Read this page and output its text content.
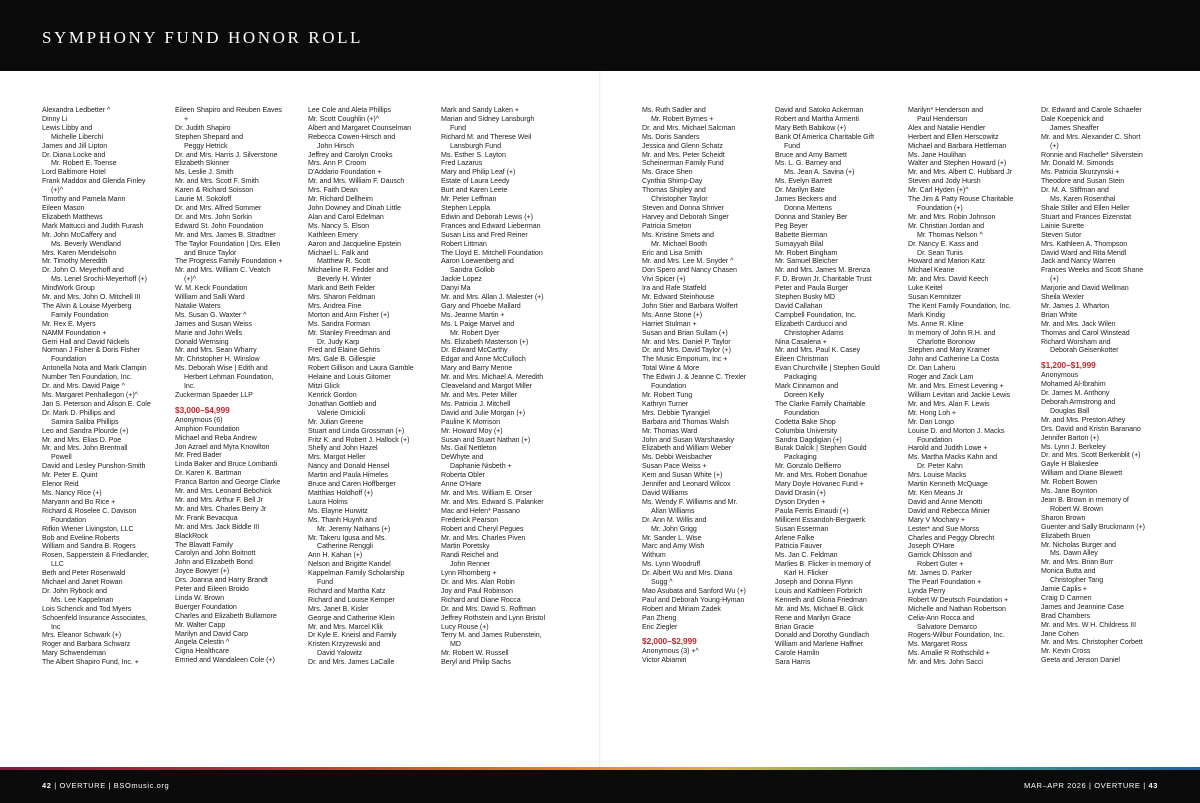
SYMPHONY FUND HONOR ROLL
Alexandra Ledbetter ^
Dinny Li
Lewis Libby and
Michelle Liberchi
James and Jill Lipton
Dr. Diana Locke and
Mr. Robert E. Toense
Lord Baltimore Hotel
Frank Maddox and Glenda Finley
(+)^
Timothy and Pamela Mann
Eileen Mason
Elizabeth Matthews
Mark Mattucci and Judith Furash
Mr. John McCaffery and
Ms. Beverly Wendland
Mrs. Karen Mendelsohn
Mr. Timothy Meredith
Dr. John O. Meyerhoff and
Ms. Lenel Srochi-Meyerhoff (+)
MindWork Group
Mr. and Mrs. John O. Mitchell III
The Alvin & Louise Myerberg
Family Foundation
Mr. Rex E. Myers
NAMM Foundation +
Gerri Hall and David Nickels
Norman J Fisher & Doris Fisher
Foundation
Antonella Nota and Mark Clampin
Number Ten Foundation, Inc.
Dr. and Mrs. David Paige ^
Ms. Margaret Penhallegon (+)^
Jan S. Peterson and Alison E. Cole
Dr. Mark D. Phillips and
Samira Saliba Phillips
Leo and Sandra Plourde (+)
Mr. and Mrs. Elias D. Poe
Mr. and Mrs. John Brentnall
Powell
David and Lesley Punshon-Smith
Mr. Peter E. Quint
Elenor Reid
Ms. Nancy Rice (+)
Maryann and Bo Rice +
Richard & Roselee C. Davison
Foundation
Rifkin Wiener Livingston, LLC
Bob and Eveline Roberts
William and Sandra B. Rogers
Rosen, Sapperstein & Friedlander,
LLC
Beth and Peter Rosenwald
Michael and Janet Rowan
Dr. John Rybock and
Ms. Lee Kappelman
Lois Schenck and Tod Myers
Schoenfeld Insurance Associates,
Inc
Mrs. Eleanor Schwark (+)
Roger and Barbara Schwarz
Mary Schwendeman
The Albert Shapiro Fund, Inc. +
Eileen Shapiro and Reuben Eaves
+
Dr. Judith Shapiro
Stephen Shepard and
Peggy Hetrick
Dr. and Mrs. Harris J. Silverstone
Elizabeth Skinner
Ms. Leslie J. Smith
Mr. and Mrs. Scott F. Smith
Karen & Richard Soisson
Laurie M. Sokoloff
Dr. and Mrs. Alfred Sommer
Dr. and Mrs. John Sorkin
Edward St. John Foundation
Mr. and Mrs. James B. Stradtner
The Taylor Foundation | Drs. Ellen
and Bruce Taylor
The Progress Family Foundation +
Mr. and Mrs. William C. Veatch
(+)^
W. M. Keck Foundation
William and Salli Ward
Natalie Waters
Ms. Susan G. Waxter ^
James and Susan Weiss
Marie and John Wells
Donald Wernsing
Mr. and Mrs. Sean Wharry
Mr. Christopher H. Winslow
Ms. Deborah Wise | Edith and
Herbert Lehman Foundation,
Inc.
Zuckerman Spaeder LLP
$3,000–$4,999
Anonymous (6)
Amphion Foundation
Michael and Reba Andrew
Jon Azrael and Myra Knowlton
Mr. Fred Bader
Linda Baker and Bruce Lombardi
Dr. Karen K. Bartman
Franca Barton and George Clarke
Mr. and Mrs. Leonard Bebchick
Mr. and Mrs. Arthur F. Bell Jr
Mr. and Mrs. Charles Berry Jr
Mr. Frank Bevacqua
Mr. and Mrs. Jack Biddle III
BlackRock
The Blavatt Family
Carolyn and John Boitnott
John and Elizabeth Bond
Joyce Bowyer (+)
Drs. Joanna and Harry Brandt
Peter and Eileen Broido
Linda W. Brown
Buerger Foundation
Charles and Elizabeth Bullamore
Mr. Walter Capp
Marilyn and David Carp
Angela Celestin ^
Cigna Healthcare
Emried and Wandaleen Cole (+)
Lee Cole and Aleta Phillips
Mr. Scott Coughlin (+)^
Albert and Margaret Counselman
Rebecca Cowen-Hirsch and
John Hirsch
Jeffrey and Carolyn Crooks
Mrs. Ann P. Croom
D'Addario Foundation +
Mr. and Mrs. William F. Dausch
Mrs. Faith Dean
Mr. Richard Dellheim
John Downey and Dinah Little
Alan and Carol Edelman
Ms. Nancy S. Elson
Kathleen Emery
Aaron and Jacqueline Epstein
Michael L. Falk and
Matthew R. Scott
Michaeline R. Fedder and
Beverly H. Winter
Mark and Beth Felder
Mrs. Sharon Feldman
Mrs. Andrea Fine
Morton and Ann Fisher (+)
Ms. Sandra Forman
Mr. Stanley Freedman and
Dr. Judy Karp
Fred and Elaine Gehris
Mrs. Gale B. Gillespie
Robert Gillison and Laura Gamble
Helaine and Louis Gitomer
Mitzi Glick
Kenrick Gordon
Jonathan Gottlieb and
Valerie Omicioli
Mr. Julian Greene
Stuart and Linda Grossman (+)
Fritz K. and Robert J. Hallock (+)
Shelly and John Hazel
Mrs. Margot Heller
Nancy and Donald Hensel
Martin and Paula Himeles
Bruce and Caren Hoffberger
Matthias Holdhoff (+)
Laura Holms
Ms. Elayne Hurwitz
Ms. Thanh Huynh and
Mr. Jeremy Nathans (+)
Mr. Takeru Igusa and Ms.
Catherine Renggli
Ann H. Kahan (+)
Nelson and Brigitte Kandel
Kappelman Family Scholarship
Fund
Richard and Martha Katz
Richard and Louise Kemper
Mrs. Janet B. Kisler
George and Catherine Klein
Mr. and Mrs. Marcel Klik
Dr Kyle E. Kneisl and Family
Kristen Krzyzewski and
David Yalowitz
Dr. and Mrs. James LaCalle
Mark and Sandy Laken +
Marian and Sidney Lansburgh
Fund
Richard M. and Therese Weil
Lansburgh Fund
Ms. Esther S. Layton
Fred Lazarus
Mary and Philip Leaf (+)
Estate of Laura Leedy
Burt and Karen Leete
Mr. Peter Leffman
Stephen Leppla
Edwin and Deborah Lewis (+)
Frances and Edward Lieberman
Susan Liss and Fred Reiner
Robert Littman
The Lloyd E. Mitchell Foundation
Aaron Loewenberg and
Sandra Gollob
Jackie Lopez
Danyi Ma
Mr. and Mrs. Allan J. Malester (+)
Gary and Phoebe Mallard
Ms. Jeanne Martin +
Ms. L Paige Marvel and
Mr. Robert Dyer
Ms. Elizabeth Masterson (+)
Dr. Edward McCarthy
Edgar and Anne McCulloch
Mary and Barry Menne
Mr. and Mrs. Michael A. Meredith
Cleaveland and Margot Miller
Mr. and Mrs. Peter Miller
Ms. Patricia J. Mitchell
David and Julie Morgan (+)
Pauline K Morrison
Mr. Howard Moy (+)
Susan and Stuart Nathan (+)
Ms. Gail Nettleton
DeWhyte and
Daphanie Nisbeth +
Roberta Obler
Anne O'Hare
Mr. and Mrs. William E. Orser
Mr. and Mrs. Edward S. Palanker
Mac and Helen* Passano
Frederick Pearson
Robert and Cheryl Pegues
Mr. and Mrs. Charles Piven
Martin Poretsky
Randi Reichel and
John Renner
Lynn Rhomberg +
Dr. and Mrs. Alan Robin
Joy and Paul Robinson
Richard and Diane Rocca
Dr. and Mrs. David S. Roffman
Jeffrey Rothstein and Lynn Bristol
Lucy Rouse (+)
Terry M. and James Rubenstein,
MD
Mr. Robert W. Russell
Beryl and Philip Sachs
Ms. Ruth Sadler and
Mr. Robert Byrnes +
Dr. and Mrs. Michael Salcman
Ms. Doris Sanders
Jessica and Glenn Schatz
Mr. and Mrs. Peter Scheidt
Scheinerman Family Fund
Ms. Grace Shen
Cynthia Shimp-Day
Thomas Shipley and
Christopher Taylor
Steven and Donna Shriver
Harvey and Deborah Singer
Patricia Smeton
Ms. Kristine Smets and
Mr. Michael Booth
Eric and Lisa Smith
Mr. and Mrs. Lee M. Snyder ^
Don Spero and Nancy Chasen
Vivi Spicer (+)
Ira and Rafe Statfeld
Mr. Edward Steinhouse
John Stier and Barbara Wolfert
Ms. Anne Stone (+)
Harriet Stulman +
Susan and Brian Sullam (+)
Mr. and Mrs. Daniel P. Taylor
Dr. and Mrs. David Taylor (+)
The Music Emporium, Inc +
Total Wine & More
The Edwin J. & Jeanne C. Trexler
Foundation
Mr. Robert Tung
Kathryn Turner
Mrs. Debbie Tyrangiel
Barbara and Thomas Walsh
Mr. Thomas Ward
John and Susan Warshawsky
Elizabeth and William Weber
Ms. Debbi Weisbacher
Susan Pace Weiss +
Kem and Susan White (+)
Jennifer and Leonard Wilcox
David Williams
Ms. Wendy F. Williams and Mr.
Allan Williams
Dr. Ann M. Willis and
Mr. John Grigg
Mr. Sander L. Wise
Marc and Amy Wish
Withum
Ms. Lynn Woodruff
Dr. Albert Wu and Mrs. Diana
Sugg ^
Mao Asubata and Sanford Wu (+)
Paul and Deborah Young-Hyman
Robert and Miriam Zadek
Pan Zheng
Eric Ziegler
$2,000–$2,999
Anonymous (3) +^
Victor Abiamiri
David and Satoko Ackerman
Robert and Martha Armenti
Mary Beth Babikow (+)
Bank Of America Charitable Gift
Fund
Bruce and Amy Barnett
Ms. L. G. Barney and
Ms. Jean A. Savina (+)
Ms. Evelyn Barrett
Dr. Marilyn Bate
James Beckers and
Donna Mertens
Donna and Stanley Ber
Peg Beyer
Babette Bierman
Sumayyah Bilal
Mr. Robert Bingham
Mr. Samuel Bleicher
Mr. and Mrs. James M. Brenza
F. D. Brown Jr. Charitable Trust
Peter and Paula Burger
Stephen Busky MD
David Callahan
Campbell Foundation, Inc.
Elizabeth Carducci and
Christopher Adams
Nina Casalena +
Mr. and Mrs. Paul K. Casey
Eileen Christman
Evan Churchville | Stephen Gould
Packaging
Mark Cinnamon and
Doreen Kelly
The Clarke Family Charitable
Foundation
Codetta Bake Shop
Columbia University
Sandra Dagdigian (+)
Burak Dalcik | Stephen Gould
Packaging
Mr. Gonzalo Delfierro
Mr. and Mrs. Robert Donahue
Mary Doyle Hovanec Fund +
David Drasin (+)
Dyson Dryden +
Paula Ferris Einaudi (+)
Millicent Essandoh-Bergwerk
Susan Esserman
Arlene Falke
Patricia Fauver
Ms. Jan C. Feldman
Marlies B. Flicker in memory of
Karl H. Flicker
Joseph and Donna Flynn
Louis and Kathleen Forbrich
Kenneth and Gloria Friedman
Mr. and Ms. Michael B. Glick
Rene and Marilyn Grace
Brian Gracie
Donald and Dorothy Gundlach
William and Marlene Haffner
Carole Hamlin
Sara Harris
Marilyn* Henderson and
Paul Henderson
Alex and Natalie Hendler
Herbert and Ellen Herscowitz
Michael and Barbara Hettleman
Ms. Jane Houlihan
Walter and Stephen Howard (+)
Mr. and Mrs. Albert C. Hubbard Jr
Steven and Jody Hursh
Mr. Carl Hyden (+)^
The Jim & Patty Rouse Charitable
Foundation (+)
Mr. and Mrs. Robin Johnson
Mr. Christian Jordan and
Mr. Thomas Nelson ^
Dr. Nancy E. Kass and
Dr. Sean Tunis
Howard and Marion Katz
Michael Keane
Mr. and Mrs. David Keech
Luke Keitel
Susan Kemnitzer
The Kent Family Foundation, Inc.
Mark Kindig
Ms. Anne R. Kline
In memory of John R.H. and
Charlotte Boronow
Stephen and Mary Kramer
John and Catherine La Costa
Dr. Dan Laheru
Roger and Zack Lam
Mr. and Mrs. Ernest Levering +
William Levitan and Jackie Lewis
Mr. and Mrs. Alan F. Lewis
Mr. Hong Loh +
Mr. Dan Longo
Louise D. and Morton J. Macks
Foundation
Harold and Judith Lowe +
Ms. Martha Macks Kahn and
Dr. Peter Kahn
Mrs. Louise Macks
Martin Kenneth McQuage
Mr. Ken Means Jr
David and Anne Menotti
David and Rebecca Minier
Mary V Mochary +
Lester* and Sue Morss
Charles and Peggy Obrecht
Joseph O'Hare
Garrick Ohlsson and
Robert Guter +
Mr. James D. Parker
The Pearl Foundation +
Lynda Perry
Robert W Deutsch Foundation +
Michelle and Nathan Robertson
Celia-Ann Rocca and
Salvatore Demarco
Rogers-Wilbur Foundation, Inc.
Ms. Margaret Ross
Ms. Amalie R Rothschild +
Mr. and Mrs. John Sacci
Dr. Edward and Carole Schaefer
Dale Koepenick and
James Sheaffer
Mr. and Mrs. Alexander C. Short
(+)
Ronnie and Rachelle* Silverstein
Mr. Donald M. Simonds
Ms. Patricia Skurzynski +
Theodore and Susan Stein
Dr. M. A. Stiffman and
Ms. Karen Rosenthal
Shale Stiller and Ellen Heller
Stuart and Frances Eizenstat
Lainie Surette
Steven Sutor
Mrs. Kathleen A. Thompson
David Ward and Rita Mendl
Jack and Nancy Warren
Frances Weeks and Scott Shane
(+)
Marjorie and David Wellman
Sheila Wexler
Mr. James J. Wharton
Brian White
Mr. and Mrs. Jack Wilen
Thomas and Carol Winstead
Richard Worsham and
Deborah Geisenkotter
$1,200–$1,999
Anonymous
Mohamed Al-Ibrahim
Dr. James M. Anthony
Deborah Armstrong and
Douglas Ball
Mr. and Mrs. Preston Athey
Drs. David and Kristin Baranano
Jennifer Barton (+)
Ms. Lynn J. Berkeley
Dr. and Mrs. Scott Berkenblit (+)
Gayle H Blakeslee
William and Diane Blewett
Mr. Robert Bowen
Ms. Jane Boynton
Jean B. Brown in memory of
Robert W. Brown
Sharon Brown
Guenter and Sally Bruckmann (+)
Elizabeth Bruen
Mr. Nicholas Burger and
Ms. Dawn Alley
Mr. and Mrs. Brian Burr
Monica Butta and
Christopher Tang
Jamie Caplis +
Craig D Carmen
James and Jeannine Case
Brad Chambers
Mr. and Mrs. W H. Childress III
Jane Cohen
Mr. and Mrs. Christopher Corbett
Mr. Kevin Cross
Geeta and Jenson Daniel
42 | OVERTURE | BSOmusic.org	MAR–APR 2026 | OVERTURE | 43
